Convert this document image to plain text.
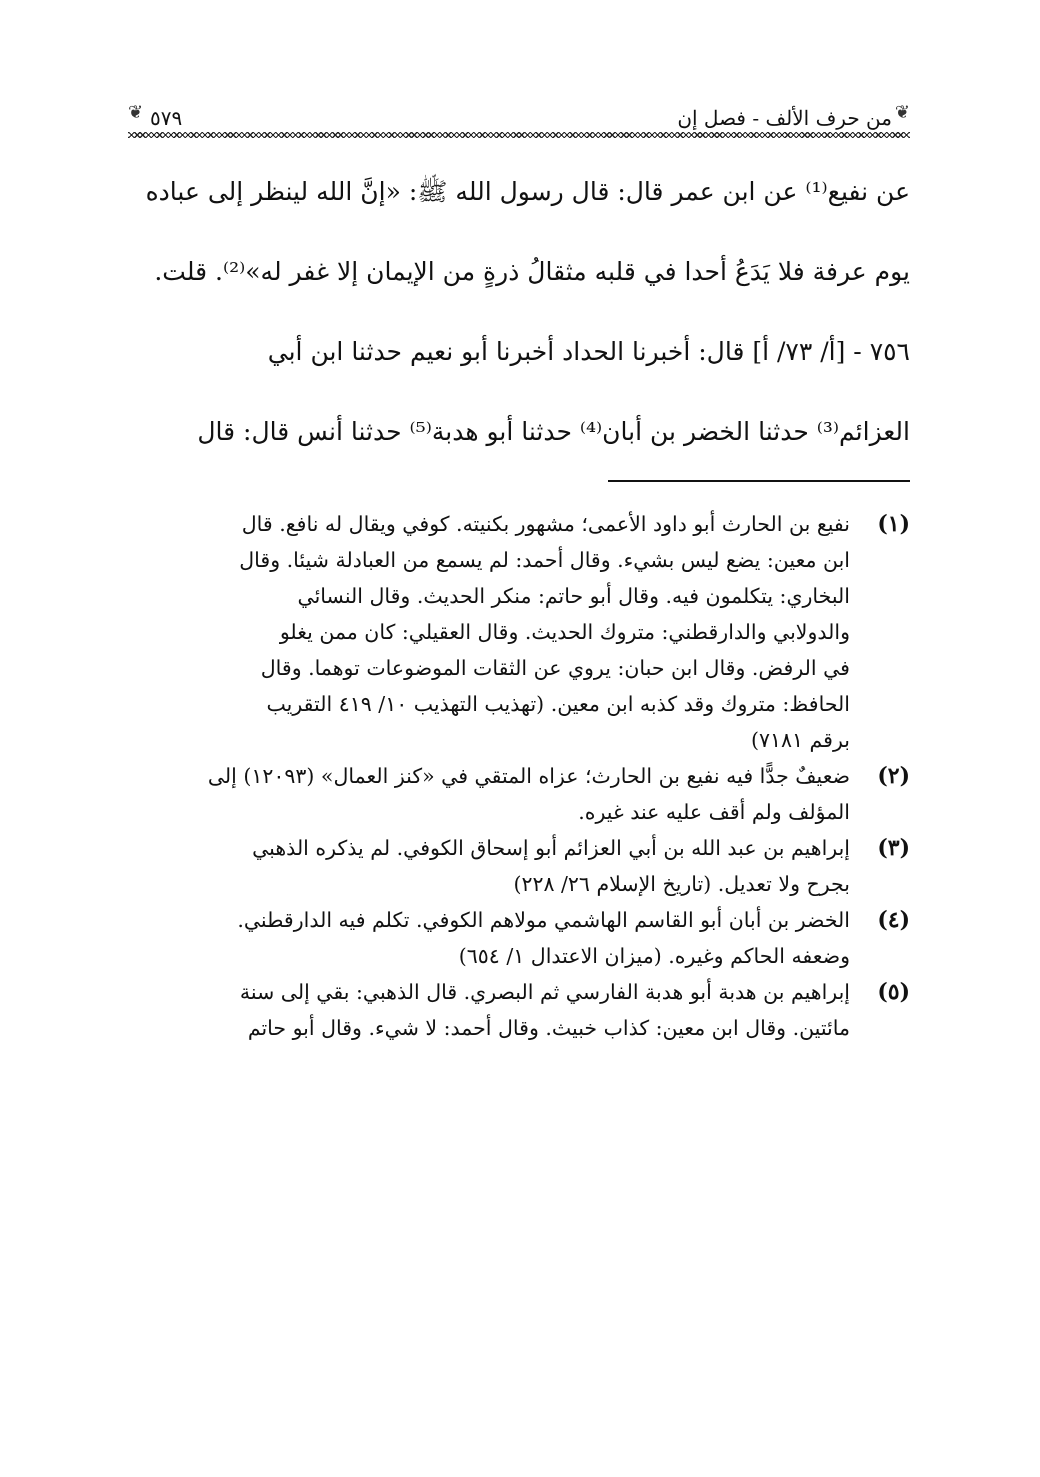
❦
من حرف الألف - فصل إن
٥٧٩
❦
عن نفيع⁽¹⁾ عن ابن عمر قال: قال رسول الله ﷺ: «إنَّ الله لينظر إلى عباده
يوم عرفة فلا يَدَعُ أحدا في قلبه مثقالُ ذرةٍ من الإيمان إلا غفر له»⁽²⁾. قلت.
٧٥٦ - [أ/ ٧٣/ أ] قال: أخبرنا الحداد أخبرنا أبو نعيم حدثنا ابن أبي
العزائم⁽³⁾ حدثنا الخضر بن أبان⁽⁴⁾ حدثنا أبو هدبة⁽⁵⁾ حدثنا أنس قال: قال
(١)
نفيع بن الحارث أبو داود الأعمى؛ مشهور بكنيته. كوفي ويقال له نافع. قال
ابن معين: يضع ليس بشيء. وقال أحمد: لم يسمع من العبادلة شيئا. وقال
البخاري: يتكلمون فيه. وقال أبو حاتم: منكر الحديث. وقال النسائي
والدولابي والدارقطني: متروك الحديث. وقال العقيلي: كان ممن يغلو
في الرفض. وقال ابن حبان: يروي عن الثقات الموضوعات توهما. وقال
الحافظ: متروك وقد كذبه ابن معين. (تهذيب التهذيب ١٠/ ٤١٩ التقريب
برقم ٧١٨١)
(٢)
ضعيفٌ جدًّا فيه نفيع بن الحارث؛ عزاه المتقي في «كنز العمال» (١٢٠٩٣) إلى
المؤلف ولم أقف عليه عند غيره.
(٣)
إبراهيم بن عبد الله بن أبي العزائم أبو إسحاق الكوفي. لم يذكره الذهبي
بجرح ولا تعديل. (تاريخ الإسلام ٢٦/ ٢٢٨)
(٤)
الخضر بن أبان أبو القاسم الهاشمي مولاهم الكوفي. تكلم فيه الدارقطني.
وضعفه الحاكم وغيره. (ميزان الاعتدال ١/ ٦٥٤)
(٥)
إبراهيم بن هدبة أبو هدبة الفارسي ثم البصري. قال الذهبي: بقي إلى سنة
مائتين. وقال ابن معين: كذاب خبيث. وقال أحمد: لا شيء. وقال أبو حاتم
